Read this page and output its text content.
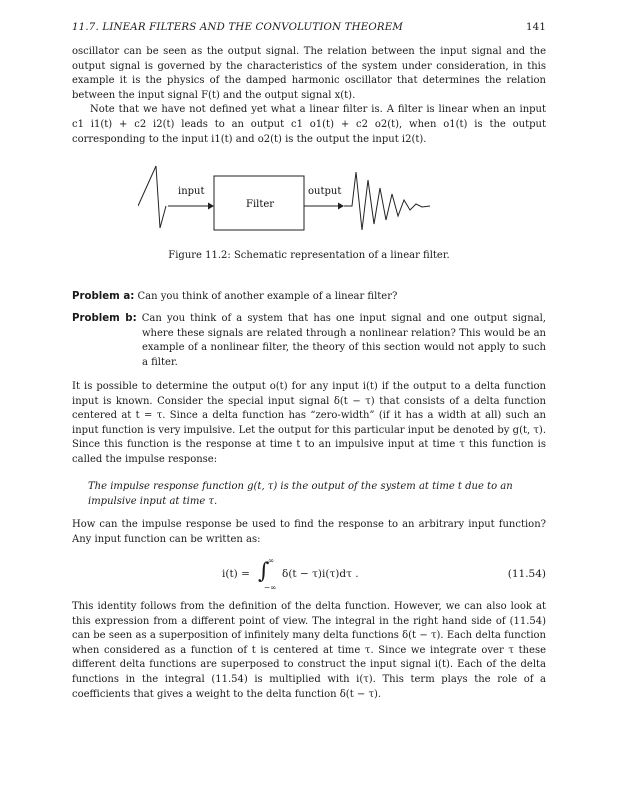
11.7. LINEAR FILTERS AND THE CONVOLUTION THEOREM	141

oscillator can be seen as the output signal. The relation between the input signal and the output signal is governed by the characteristics of the system under consideration, in this example it is the physics of the damped harmonic oscillator that determines the relation between the input signal F(t) and the output signal x(t).

Note that we have not defined yet what a linear filter is. A filter is linear when an input c1 i1(t) + c2 i2(t) leads to an output c1 o1(t) + c2 o2(t), when o1(t) is the output corresponding to the input i1(t) and o2(t) is the output the input i2(t).

input
Filter
output
Figure 11.2: Schematic representation of a linear filter.
Problem a: Can you think of another example of a linear filter?
Problem b: Can you think of a system that has one input signal and one output signal, where these signals are related through a nonlinear relation? This would be an example of a nonlinear filter, the theory of this section would not apply to such a filter.
It is possible to determine the output o(t) for any input i(t) if the output to a delta function input is known. Consider the special input signal δ(t − τ) that consists of a delta function centered at t = τ. Since a delta function has “zero-width” (if it has a width at all) such an input function is very impulsive. Let the output for this particular input be denoted by g(t, τ). Since this function is the response at time t to an impulsive input at time τ this function is called the impulse response:
The impulse response function g(t, τ) is the output of the system at time t due to an impulsive input at time τ.
How can the impulse response be used to find the response to an arbitrary input function? Any input function can be written as:
i(t) = ∫
∞
−∞
δ(t − τ)i(τ)dτ .	(11.54)
This identity follows from the definition of the delta function. However, we can also look at this expression from a different point of view. The integral in the right hand side of (11.54) can be seen as a superposition of infinitely many delta functions δ(t − τ). Each delta function when considered as a function of t is centered at time τ. Since we integrate over τ these different delta functions are superposed to construct the input signal i(t). Each of the delta functions in the integral (11.54) is multiplied with i(τ). This term plays the role of a coefficients that gives a weight to the delta function δ(t − τ).
